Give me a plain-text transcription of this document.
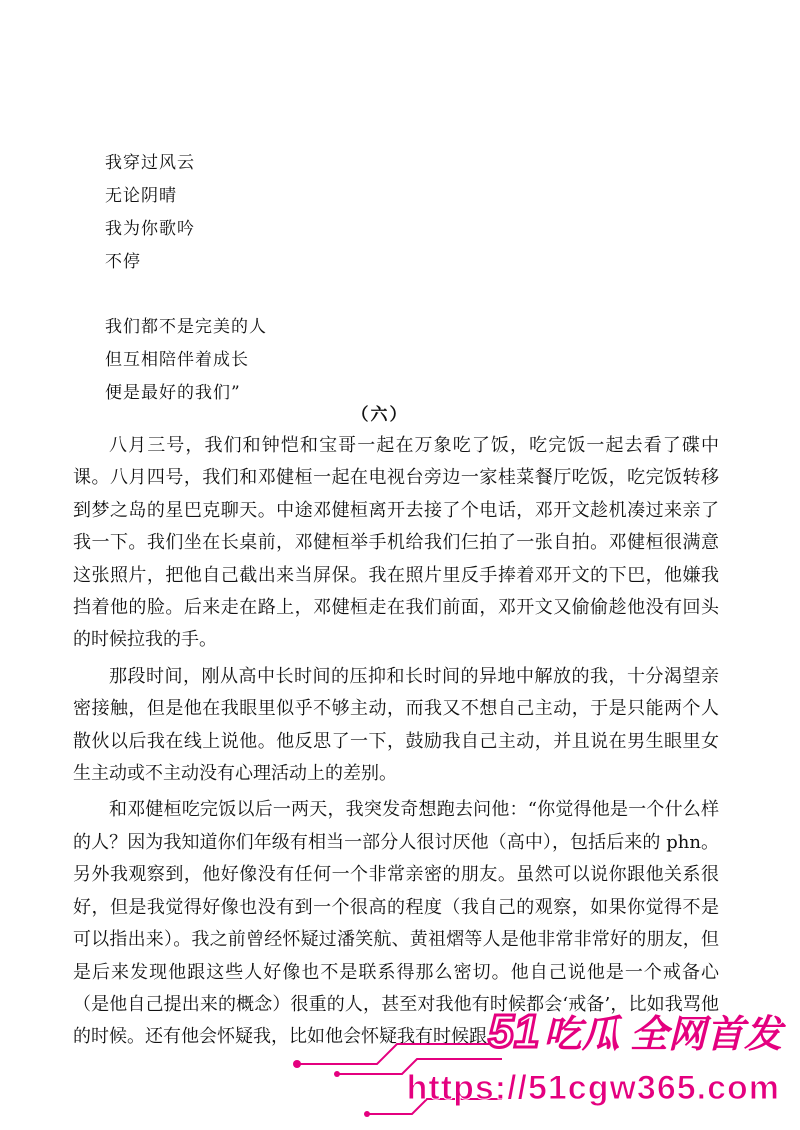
我穿过风云
无论阴晴
我为你歌吟
不停
我们都不是完美的人
但互相陪伴着成长
便是最好的我们”
（六）

八月三号，我们和钟恺和宝哥一起在万象吃了饭，吃完饭一起去看了碟中课。八月四号，我们和邓健桓一起在电视台旁边一家桂菜餐厅吃饭，吃完饭转移到梦之岛的星巴克聊天。中途邓健桓离开去接了个电话，邓开文趁机凑过来亲了我一下。我们坐在长桌前，邓健桓举手机给我们仨拍了一张自拍。邓健桓很满意这张照片，把他自己截出来当屏保。我在照片里反手捧着邓开文的下巴，他嫌我挡着他的脸。后来走在路上，邓健桓走在我们前面，邓开文又偷偷趁他没有回头的时候拉我的手。

那段时间，刚从高中长时间的压抑和长时间的异地中解放的我，十分渴望亲密接触，但是他在我眼里似乎不够主动，而我又不想自己主动，于是只能两个人散伙以后我在线上说他。他反思了一下，鼓励我自己主动，并且说在男生眼里女生主动或不主动没有心理活动上的差别。

和邓健桓吃完饭以后一两天，我突发奇想跑去问他：“你觉得他是一个什么样的人？因为我知道你们年级有相当一部分人很讨厌他（高中），包括后来的 phn。另外我观察到，他好像没有任何一个非常亲密的朋友。虽然可以说你跟他关系很好，但是我觉得好像也没有到一个很高的程度（我自己的观察，如果你觉得不是可以指出来）。我之前曾经怀疑过潘笑航、黄祖熠等人是他非常非常好的朋友，但是后来发现他跟这些人好像也不是联系得那么密切。他自己说他是一个戒备心（是他自己提出来的概念）很重的人，甚至对我他有时候都会‘戒备’，比如我骂他的时候。还有他会怀疑我，比如他会怀疑我有时候跟 51 吃瓜 全网首发
https://51cgw365.com
